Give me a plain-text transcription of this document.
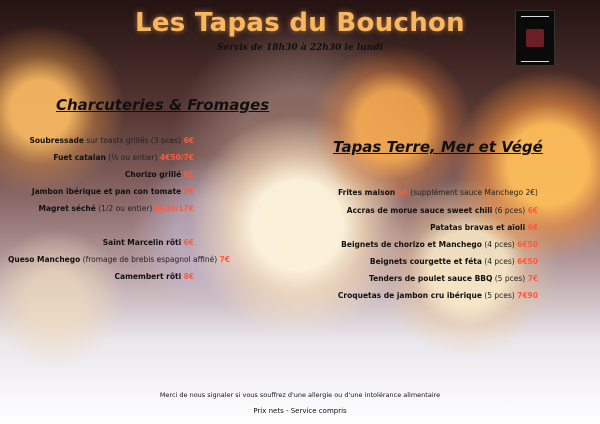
Les Tapas du Bouchon
Servis de 18h30 à 22h30 le lundi
Charcuteries & Fromages
Soubressade sur toasts grillés (3 pces) 6€
Fuet catalan (½ ou entier) 4€50/7€
Chorizo grillé 8€
Jambon ibérique et pan con tomate 9€
Magret séché (1/2 ou entier) 8€30/17€
Saint Marcelin rôti 6€
Queso Manchego (fromage de brebis espagnol affiné) 7€
Camembert rôti 8€
Tapas Terre, Mer et Végé
Frites maison 5€ (supplément sauce Manchego 2€)
Accras de morue sauce sweet chili (6 pces) 6€
Patatas bravas et aïoli 6€
Beignets de chorizo et Manchego (4 pces) 6€50
Beignets courgette et féta (4 pces) 6€50
Tenders de poulet sauce BBQ (5 pces) 7€
Croquetas de jambon cru ibérique (5 pces) 7€90
Merci de nous signaler si vous souffrez d'une allergie ou d'une intolérance alimentaire
Prix nets - Service compris
